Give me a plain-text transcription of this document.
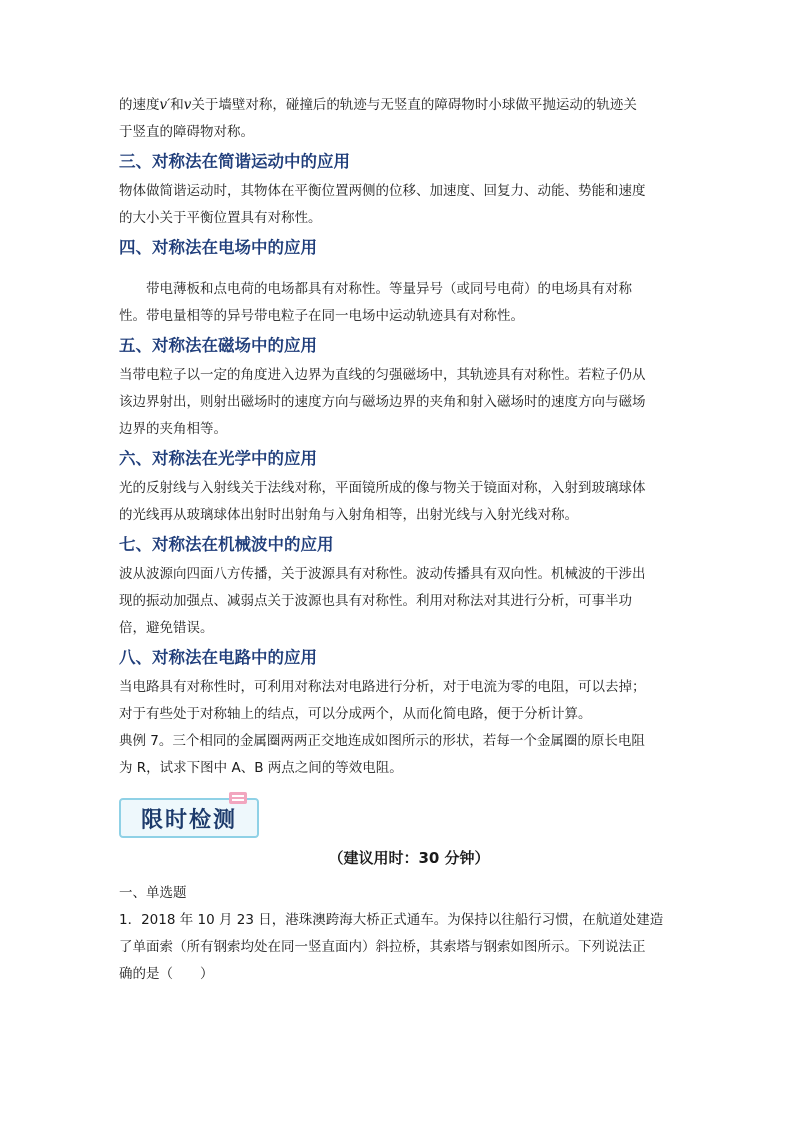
的速度v′和v关于墙壁对称，碰撞后的轨迹与无竖直的障碍物时小球做平抛运动的轨迹关

于竖直的障碍物对称。

三、对称法在简谐运动中的应用

物体做简谐运动时，其物体在平衡位置两侧的位移、加速度、回复力、动能、势能和速度

的大小关于平衡位置具有对称性。

四、对称法在电场中的应用

带电薄板和点电荷的电场都具有对称性。等量异号（或同号电荷）的电场具有对称

性。带电量相等的异号带电粒子在同一电场中运动轨迹具有对称性。

五、对称法在磁场中的应用

当带电粒子以一定的角度进入边界为直线的匀强磁场中，其轨迹具有对称性。若粒子仍从

该边界射出，则射出磁场时的速度方向与磁场边界的夹角和射入磁场时的速度方向与磁场

边界的夹角相等。

六、对称法在光学中的应用

光的反射线与入射线关于法线对称，平面镜所成的像与物关于镜面对称，入射到玻璃球体

的光线再从玻璃球体出射时出射角与入射角相等，出射光线与入射光线对称。

七、对称法在机械波中的应用

波从波源向四面八方传播，关于波源具有对称性。波动传播具有双向性。机械波的干涉出

现的振动加强点、减弱点关于波源也具有对称性。利用对称法对其进行分析，可事半功

倍，避免错误。

八、对称法在电路中的应用

当电路具有对称性时，可利用对称法对电路进行分析，对于电流为零的电阻，可以去掉；

对于有些处于对称轴上的结点，可以分成两个，从而化简电路，便于分析计算。

典例 7。三个相同的金属圈两两正交地连成如图所示的形状，若每一个金属圈的原长电阻

为 R，试求下图中 A、B 两点之间的等效电阻。

限时检测

（建议用时：30 分钟）

一、单选题

1．2018 年 10 月 23 日，港珠澳跨海大桥正式通车。为保持以往船行习惯，在航道处建造

了单面索（所有钢索均处在同一竖直面内）斜拉桥，其索塔与钢索如图所示。下列说法正

确的是（　　）
